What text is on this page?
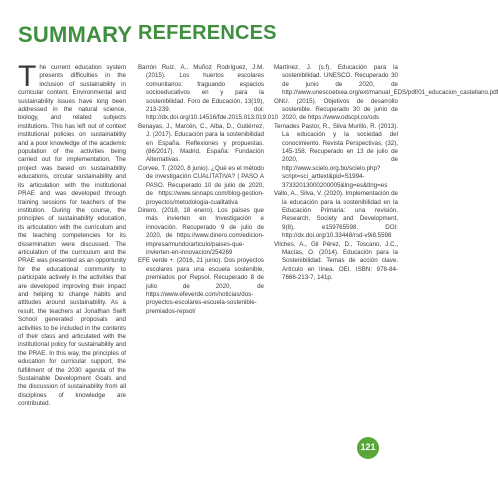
SUMMARY REFERENCES
The current education system presents difficulties in the inclusion of sustainability in curricular content. Environmental and sustainability issues have long been addressed in the natural science, biology, and related subjects institutions. This has left out of context institutional policies on sustainability and a poor knowledge of the academic population of the activities being carried out for implementation. The project was based on sustainability educations, circular sustainability and its articulation with the institutional PRAE and was developed through training sessions for teachers of the institution. During the course, the principles of sustainability education, its articulation with the curriculum and the teaching competencies for its dissemination were discussed. The articulation of the curriculum and the PRAE was presented as an opportunity for the educational community to participate actively in the activities that are developed improving their impact and helping to change habits and attitudes around sustainability. As a result, the teachers at Jonathan Swift School generated proposals and activities to be included in the contents of their class and articulated with the institutional policy for sustainability and the PRAE. In this way, the principles of education for curricular support, the fulfillment of the 2030 agenda of the Sustainable Development Goals and the discussion of sustainability from all disciplines of knowledge are contributed.

Barrón Ruiz, A., Muñoz Rodríguez, J.M. (2015). Los huertos escolares comunitarios: fraguando espacios socioeducativos en y para la sostenibilidad. Foro de Educación, 13(19), 213-239. doi: http://dx.doi.org/10.14516/fde.2015.013.019.010

Benayas, J., Marcén, C., Alba, D., Gutiérrez, J. (2017). Educación para la sostenibilidad en España. Reflexiones y propuestas. (86/2017). Madrid, España: Fundación Alternativas.

Corvee, T. (2020, 8 junio). ¿Qué es el método de investigación CUALITATIVA? | PASO A PASO. Recuperado 10 de julio de 2020, de https://www.sinnaps.com/blog-gestion-proyectos/metodologia-cualitativa

Dinero. (2018, 18 enero). Los países que más invierten en Investigación e innovación. Recuperado 9 de julio de 2020, de https://www.dinero.com/edicion-impresa/mundo/articulo/paises-que-invierten-en-innovacion/254269

EFE verde +. (2016, 21 junio). Dos proyectos escolares para una escuela sostenible, premiados por Repsol. Recuperado 8 de julio de 2020, de https://www.efeverde.com/noticias/dos-proyectos-escolares-escuela-sostenible-premiados-repsol/

Martínez, J. (s.f). Educación para la sostenibilidad. UNESCO. Recuperado 30 de junio de 2020, de http://www.unescoetxea.org/ext/manual_EDS/pdf/01_educacion_castellano.pdf

ONU. (2015). Objetivos de desarrollo sostenible. Recuperado 30 de junio de 2020, de https://www.odscpl.co/ods

Ternades Pastor, R., Silva Murillo, R. (2013). La educación y la sociedad del conocimiento. Revista Perspectivas, (32), 145-158. Recuperado en 13 de julio de 2020, de http://www.scielo.org.bo/scielo.php?script=sci_arttext&pid=S1994-37332013000200005&lng=es&tlng=es

Vallo, A., Silva, V. (2020). Implementación de la educación para la sostenibilidad en la Educación Primaria: una revisión. Research, Society and Development, 9(8), e159765598. DOI: http://dx.doi.org/10.33448/rsd-v9i8.5598

Vilches, A., Gil Pérez, D., Toscano, J.C., Macías, O. (2014). Educación para la Sostenibilidad. Temas de acción clave. Artículo en línea. OEI. ISBN: 978-84-7666-213-7, 141p.

121
